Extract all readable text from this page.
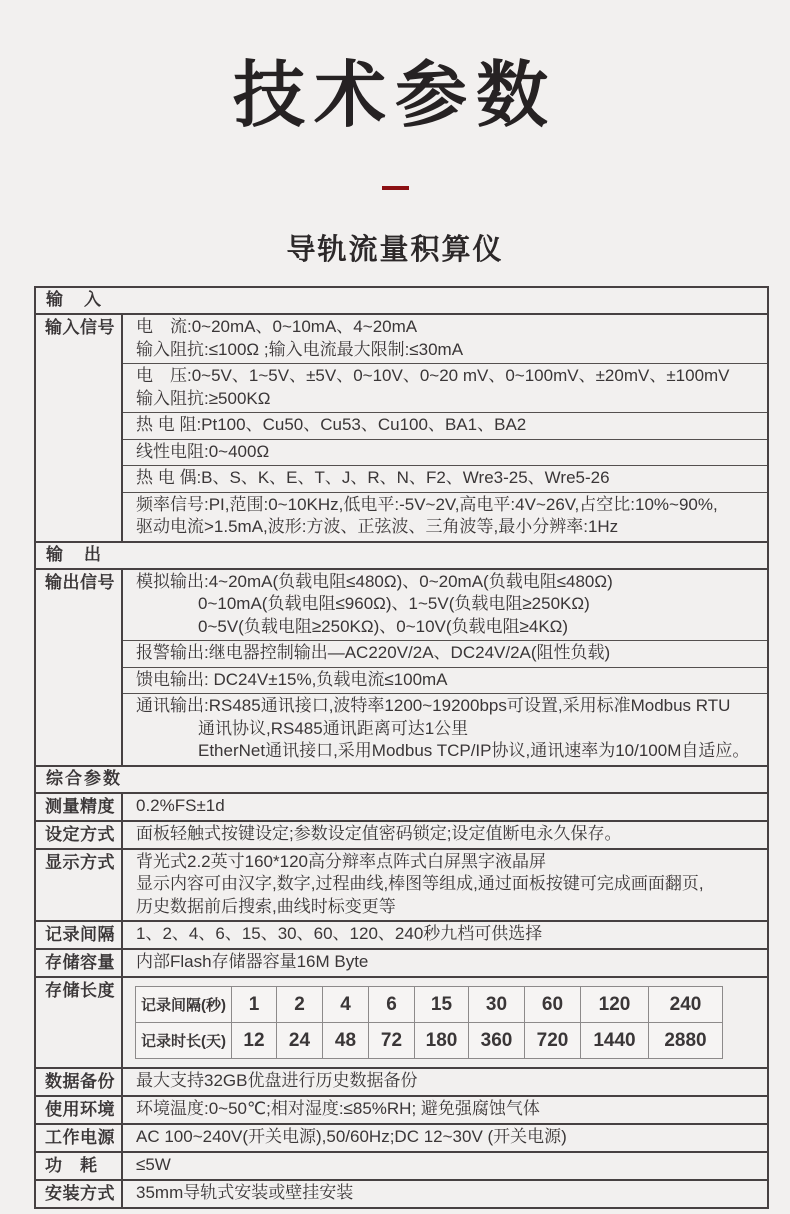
技术参数
导轨流量积算仪
输　入
输入信号	电　流:0~20mA、0~10mA、4~20mA
输入阻抗:≤100Ω ;输入电流最大限制:≤30mA
电　压:0~5V、1~5V、±5V、0~10V、0~20 mV、0~100mV、±20mV、±100mV
输入阻抗:≥500KΩ
热 电 阻:Pt100、Cu50、Cu53、Cu100、BA1、BA2
线性电阻:0~400Ω
热 电 偶:B、S、K、E、T、J、R、N、F2、Wre3-25、Wre5-26
频率信号:PI,范围:0~10KHz,低电平:-5V~2V,高电平:4V~26V,占空比:10%~90%,
驱动电流>1.5mA,波形:方波、正弦波、三角波等,最小分辨率:1Hz
输　出
输出信号	模拟输出:4~20mA(负载电阻≤480Ω)、0~20mA(负载电阻≤480Ω)
0~10mA(负载电阻≤960Ω)、1~5V(负载电阻≥250KΩ)
0~5V(负载电阻≥250KΩ)、0~10V(负载电阻≥4KΩ)
报警输出:继电器控制输出—AC220V/2A、DC24V/2A(阻性负载)
馈电输出: DC24V±15%,负载电流≤100mA
通讯输出:RS485通讯接口,波特率1200~19200bps可设置,采用标准Modbus RTU
通讯协议,RS485通讯距离可达1公里
EtherNet通讯接口,采用Modbus TCP/IP协议,通讯速率为10/100M自适应。
综合参数
测量精度	0.2%FS±1d
设定方式	面板轻触式按键设定;参数设定值密码锁定;设定值断电永久保存。
显示方式	背光式2.2英寸160*120高分辩率点阵式白屏黑字液晶屏
显示内容可由汉字,数字,过程曲线,棒图等组成,通过面板按键可完成画面翻页,
历史数据前后搜索,曲线时标变更等
记录间隔	1、2、4、6、15、30、60、120、240秒九档可供选择
存储容量	内部Flash存储器容量16M Byte
存储长度
记录间隔(秒)	1	2	4	6	15	30	60	120	240
记录时长(天)	12	24	48	72	180	360	720	1440	2880
数据备份	最大支持32GB优盘进行历史数据备份
使用环境	环境温度:0~50℃;相对湿度:≤85%RH; 避免强腐蚀气体
工作电源	AC 100~240V(开关电源),50/60Hz;DC 12~30V (开关电源)
功　耗	≤5W
安装方式	35mm导轨式安装或壁挂安装
